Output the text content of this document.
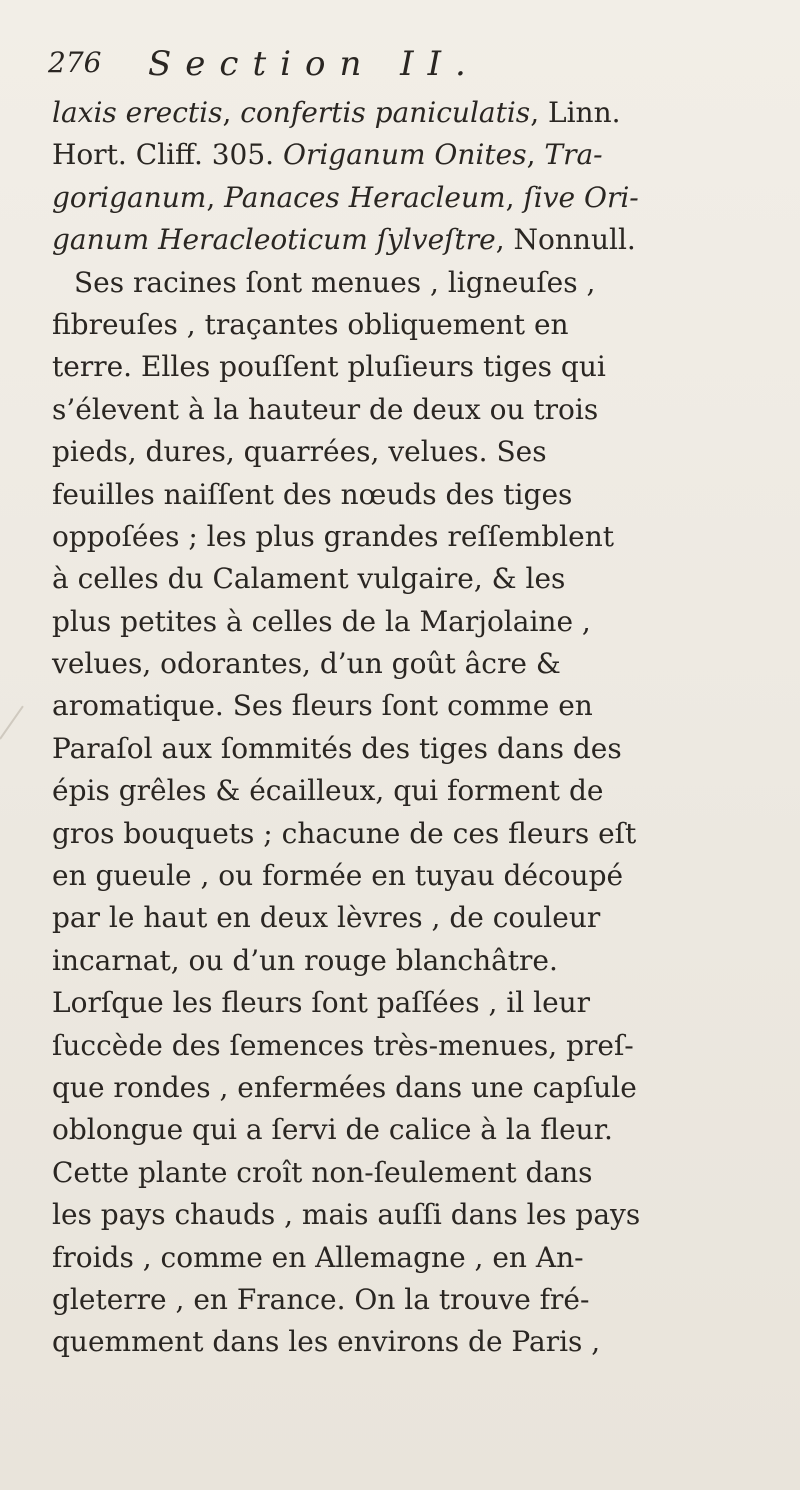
276 Section II.
laxis erectis, confertis paniculatis, Linn.
Hort. Cliff. 305. Origanum Onites, Tra-
goriganum, Panaces Heracleum, ſive Ori-
ganum Heracleoticum ſylveſtre, Nonnull.
Ses racines ſont menues , ligneuſes ,
fibreuſes , traçantes obliquement en
terre. Elles pouſſent pluſieurs tiges qui
s’élevent à la hauteur de deux ou trois
pieds, dures, quarrées, velues. Ses
feuilles naiſſent des nœuds des tiges
oppoſées ; les plus grandes reſſemblent
à celles du Calament vulgaire, & les
plus petites à celles de la Marjolaine ,
velues, odorantes, d’un goût âcre &
aromatique. Ses fleurs ſont comme en
Paraſol aux ſommités des tiges dans des
épis grêles & écailleux, qui forment de
gros bouquets ; chacune de ces fleurs eſt
en gueule , ou formée en tuyau découpé
par le haut en deux lèvres , de couleur
incarnat, ou d’un rouge blanchâtre.
Lorſque les fleurs ſont paſſées , il leur
ſuccède des ſemences très-menues, preſ-
que rondes , enfermées dans une capſule
oblongue qui a ſervi de calice à la fleur.
Cette plante croît non-ſeulement dans
les pays chauds , mais auſſi dans les pays
froids , comme en Allemagne , en An-
gleterre , en France. On la trouve fré-
quemment dans les environs de Paris ,
